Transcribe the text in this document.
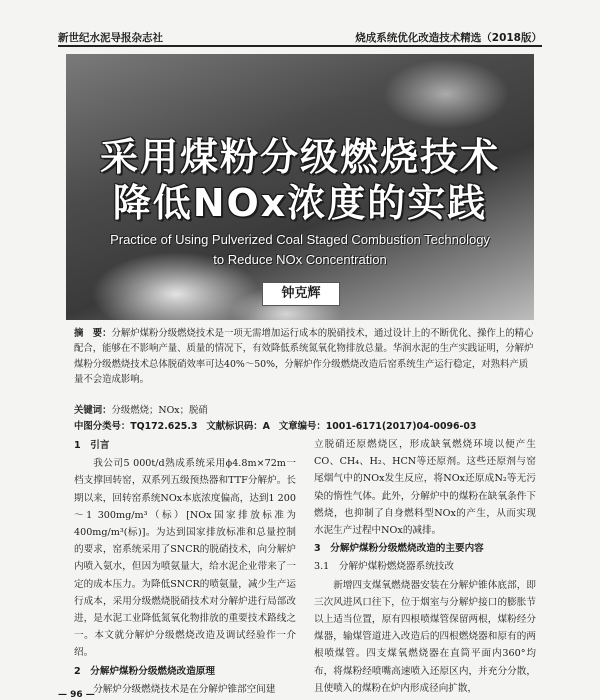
新世纪水泥导报杂志社	烧成系统优化改造技术精选（2018版）
采用煤粉分级燃烧技术
降低NOx浓度的实践
Practice of Using Pulverized Coal Staged Combustion Technology
to Reduce NOx Concentration
钟克辉
摘　要：分解炉煤粉分级燃烧技术是一项无需增加运行成本的脱硝技术，通过设计上的不断优化、操作上的精心配合，能够在不影响产量、质量的情况下，有效降低系统氮氧化物排放总量。华润水泥的生产实践证明，分解炉煤粉分级燃烧技术总体脱硝效率可达40%～50%，分解炉作分级燃烧改造后窑系统生产运行稳定，对熟料产质量不会造成影响。
关键词：分级燃烧；NOx；脱硝
中图分类号：TQ172.625.3 文献标识码：A 文章编号：1001-6171(2017)04-0096-03

1　引言

我公司5 000t/d熟成系统采用ϕ4.8m×72m一档支撑回转窑，双系列五级预热器和TTF分解炉。长期以来，回转窑系统NOx本底浓度偏高，达到1 200～1 300mg/m³（标）[NOx国家排放标准为400mg/m³(标)]。为达到国家排放标准和总量控制的要求，窑系统采用了SNCR的脱硝技术，向分解炉内喷入氨水，但因为喷氨量大，给水泥企业带来了一定的成本压力。为降低SNCR的喷氨量，减少生产运行成本，采用分级燃烧脱硝技术对分解炉进行局部改进，是水泥工业降低氮氧化物排放的重要技术路线之一。本文就分解炉分级燃烧改造及调试经验作一介绍。

2　分解炉煤粉分级燃烧改造原理

分解炉分级燃烧技术是在分解炉锥部空间建

立脱硝还原燃烧区，形成缺氧燃烧环境以便产生CO、CH₄、H₂、HCN等还原剂。这些还原剂与窑尾烟气中的NOx发生反应，将NOx还原成N₂等无污染的惰性气体。此外，分解炉中的煤粉在缺氧条件下燃烧，也抑制了自身燃料型NOx的产生，从而实现水泥生产过程中NOx的减排。

3　分解炉煤粉分级燃烧改造的主要内容

3.1　分解炉煤粉燃烧器系统技改

新增四支煤氧燃烧器安装在分解炉锥体底部，即三次风进风口往下，位于烟室与分解炉接口的膨胀节以上适当位置，原有四根喷煤管保留两根，煤粉经分煤器，输煤管道进入改造后的四根燃烧器和原有的两根喷煤管。四支煤氧燃烧器在直筒平面内360°均布，将煤粉经喷嘴高速喷入还原区内，并充分分散，且使喷入的煤粉在炉内形成径向扩散，

— 96 —
